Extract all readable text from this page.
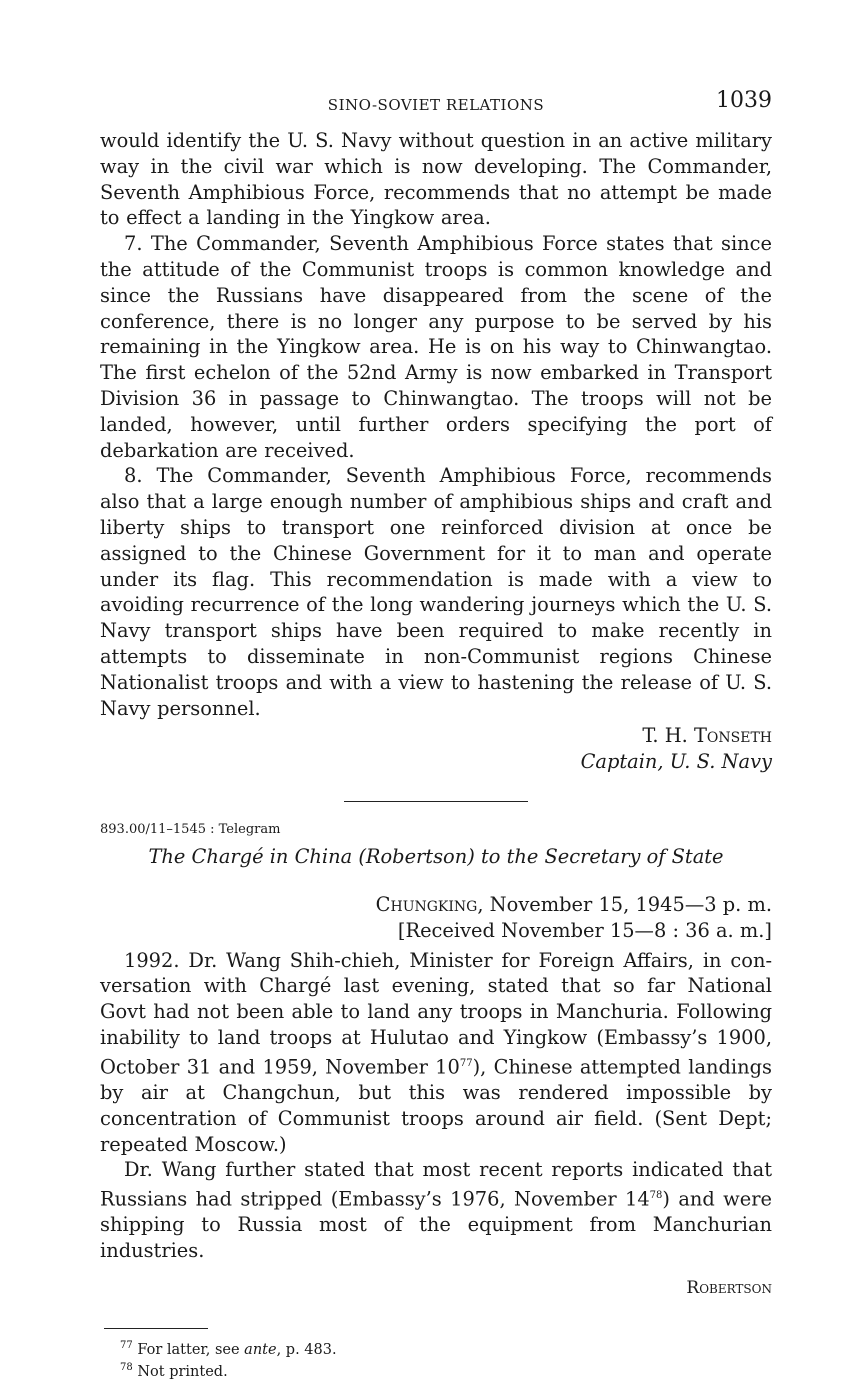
SINO-SOVIET RELATIONS	1039

would identify the U. S. Navy without question in an active military way in the civil war which is now developing. The Commander, Seventh Amphibious Force, recommends that no attempt be made to effect a landing in the Yingkow area.

7. The Commander, Seventh Amphibious Force states that since the attitude of the Communist troops is common knowledge and since the Russians have disappeared from the scene of the conference, there is no longer any purpose to be served by his remaining in the Yingkow area. He is on his way to Chinwangtao. The first echelon of the 52nd Army is now embarked in Transport Division 36 in passage to Chinwangtao. The troops will not be landed, however, until further orders specifying the port of debarkation are received.

8. The Commander, Seventh Amphibious Force, recommends also that a large enough number of amphibious ships and craft and liberty ships to transport one reinforced division at once be assigned to the Chinese Government for it to man and operate under its flag. This recommendation is made with a view to avoiding recurrence of the long wandering journeys which the U. S. Navy transport ships have been required to make recently in attempts to disseminate in non-Communist regions Chinese Nationalist troops and with a view to hastening the release of U. S. Navy personnel.

T. H. Tonseth

Captain, U. S. Navy

893.00/11–1545 : Telegram

The Chargé in China (Robertson) to the Secretary of State

Chungking, November 15, 1945—3 p. m.

[Received November 15—8 : 36 a. m.]

1992. Dr. Wang Shih-chieh, Minister for Foreign Affairs, in conversation with Chargé last evening, stated that so far National Govt had not been able to land any troops in Manchuria. Following inability to land troops at Hulutao and Yingkow (Embassy’s 1900, October 31 and 1959, November $10^{77}$), Chinese attempted landings by air at Changchun, but this was rendered impossible by concentration of Communist troops around air field. (Sent Dept; repeated Moscow.)

Dr. Wang further stated that most recent reports indicated that Russians had stripped (Embassy’s 1976, November $14^{78}$) and were shipping to Russia most of the equipment from Manchurian industries.

Robertson

$^{77}$ For latter, see ante, p. 483.

$^{78}$ Not printed.
